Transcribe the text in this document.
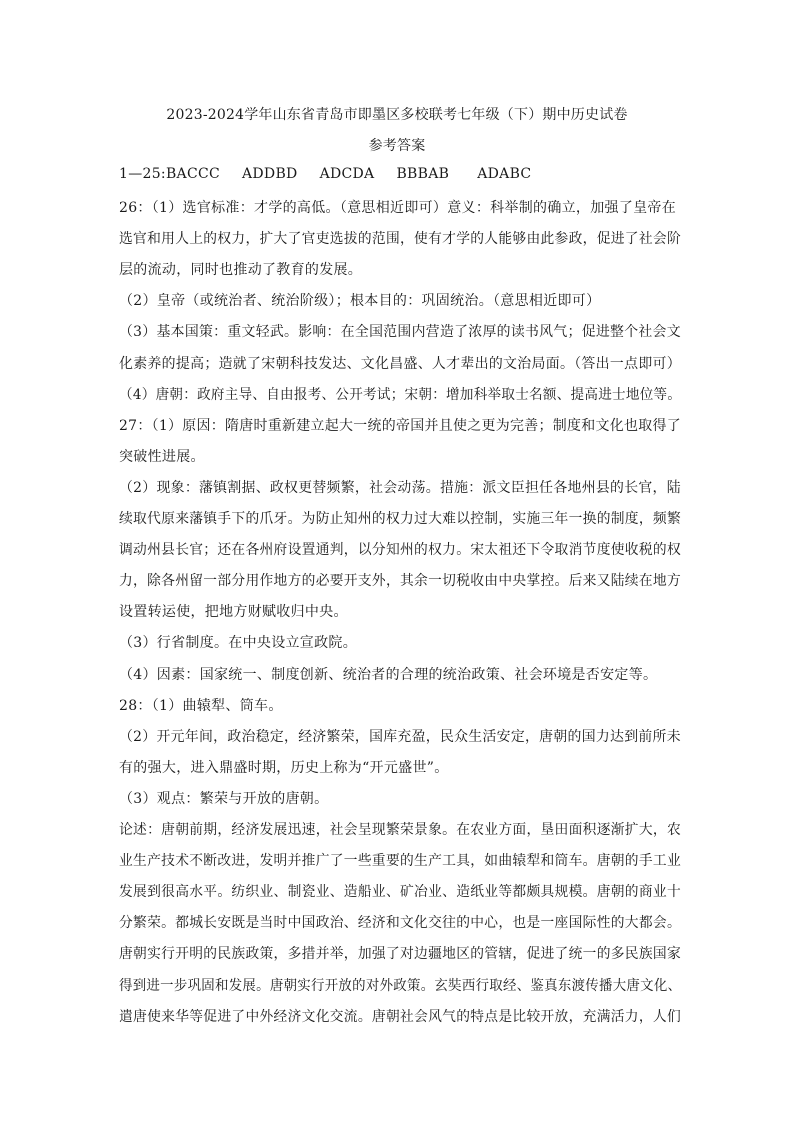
2023-2024学年山东省青岛市即墨区多校联考七年级（下）期中历史试卷
参考答案
1—25:BACCC ADDBD ADCDA BBBAB ADABC
26：（1）选官标准：才学的高低。（意思相近即可）意义：科举制的确立，加强了皇帝在
选官和用人上的权力，扩大了官吏选拔的范围，使有才学的人能够由此参政，促进了社会阶
层的流动，同时也推动了教育的发展。
（2）皇帝（或统治者、统治阶级）；根本目的：巩固统治。（意思相近即可）
（3）基本国策：重文轻武。影响：在全国范围内营造了浓厚的读书风气；促进整个社会文
化素养的提高；造就了宋朝科技发达、文化昌盛、人才辈出的文治局面。（答出一点即可）
（4）唐朝：政府主导、自由报考、公开考试；宋朝：增加科举取士名额、提高进士地位等。
27：（1）原因：隋唐时重新建立起大一统的帝国并且使之更为完善；制度和文化也取得了
突破性进展。
（2）现象：藩镇割据、政权更替频繁，社会动荡。措施：派文臣担任各地州县的长官，陆
续取代原来藩镇手下的爪牙。为防止知州的权力过大难以控制，实施三年一换的制度，频繁
调动州县长官；还在各州府设置通判，以分知州的权力。宋太祖还下令取消节度使收税的权
力，除各州留一部分用作地方的必要开支外，其余一切税收由中央掌控。后来又陆续在地方
设置转运使，把地方财赋收归中央。
（3）行省制度。在中央设立宣政院。
（4）因素：国家统一、制度创新、统治者的合理的统治政策、社会环境是否安定等。
28：（1）曲辕犁、筒车。
（2）开元年间，政治稳定，经济繁荣，国库充盈，民众生活安定，唐朝的国力达到前所未
有的强大，进入鼎盛时期，历史上称为“开元盛世”。
（3）观点：繁荣与开放的唐朝。
论述：唐朝前期，经济发展迅速，社会呈现繁荣景象。在农业方面，垦田面积逐渐扩大，农
业生产技术不断改进，发明并推广了一些重要的生产工具，如曲辕犁和筒车。唐朝的手工业
发展到很高水平。纺织业、制瓷业、造船业、矿冶业、造纸业等都颇具规模。唐朝的商业十
分繁荣。都城长安既是当时中国政治、经济和文化交往的中心，也是一座国际性的大都会。
唐朝实行开明的民族政策，多措并举，加强了对边疆地区的管辖，促进了统一的多民族国家
得到进一步巩固和发展。唐朝实行开放的对外政策。玄奘西行取经、鉴真东渡传播大唐文化、
遣唐使来华等促进了中外经济文化交流。唐朝社会风气的特点是比较开放，充满活力，人们
